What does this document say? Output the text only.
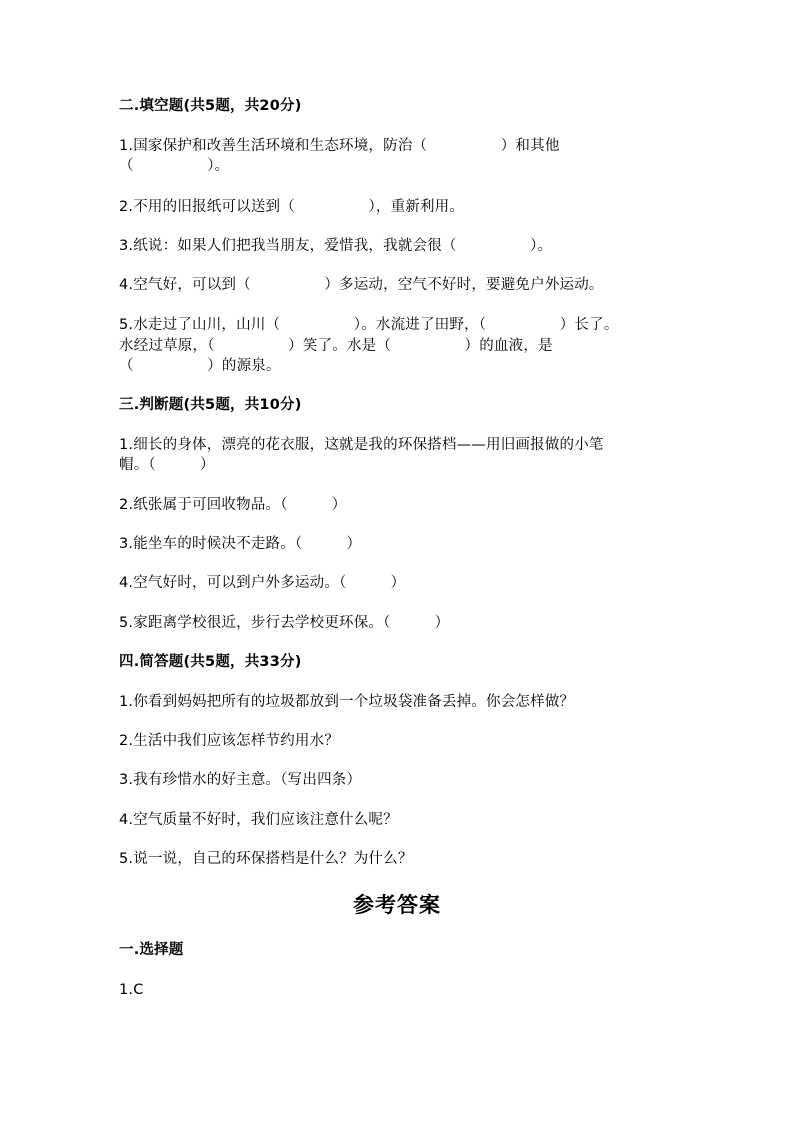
二.填空题(共5题，共20分)
1.国家保护和改善生活环境和生态环境，防治（　　　　　）和其他
（　　　　　）。
2.不用的旧报纸可以送到（　　　　　），重新利用。
3.纸说：如果人们把我当朋友，爱惜我，我就会很（　　　　　）。
4.空气好，可以到（　　　　　）多运动，空气不好时，要避免户外运动。
5.水走过了山川，山川（　　　　　）。水流进了田野，（　　　　　）长了。
水经过草原，（　　　　　）笑了。水是（　　　　　）的血液，是
（　　　　　）的源泉。
三.判断题(共5题，共10分)
1.细长的身体，漂亮的花衣服，这就是我的环保搭档——用旧画报做的小笔
帽。（　　　）
2.纸张属于可回收物品。（　　　）
3.能坐车的时候决不走路。（　　　）
4.空气好时，可以到户外多运动。（　　　）
5.家距离学校很近，步行去学校更环保。（　　　）
四.简答题(共5题，共33分)
1.你看到妈妈把所有的垃圾都放到一个垃圾袋准备丢掉。你会怎样做？
2.生活中我们应该怎样节约用水？
3.我有珍惜水的好主意。（写出四条）
4.空气质量不好时，我们应该注意什么呢？
5.说一说，自己的环保搭档是什么？为什么？
参考答案
一.选择题
1.C
